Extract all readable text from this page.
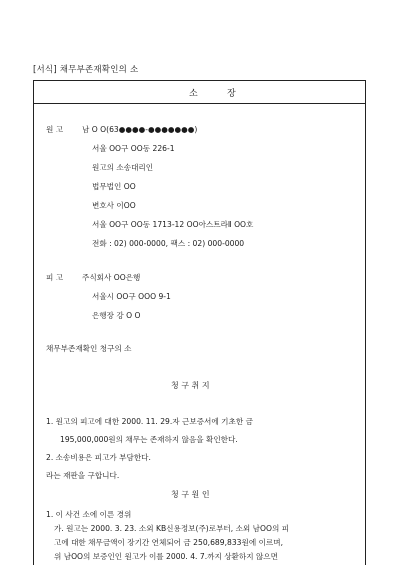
[서식] 채무부존재확인의 소
소	장
원 고 남 O O(63●●●●-●●●●●●●)
서울 OO구 OO동 226-1
원고의 소송대리인
법무법인 OO
변호사 이OO
서울 OO구 OO동 1713-12 OO아스트라Ⅱ OO호
전화 : 02) 000-0000, 팩스 : 02) 000-0000
피 고 주식회사 OO은행
서울시 OO구 OOO 9-1
은행장 강 O O
채무부존재확인 청구의 소
청 구 취 지
1. 원고의 피고에 대한 2000. 11. 29.자 근보증서에 기초한 금
195,000,000원의 채무는 존재하지 않음을 확인한다.
2. 소송비용은 피고가 부담한다.
라는 재판을 구합니다.
청 구 원 인
1. 이 사건 소에 이른 경위
가. 원고는 2000. 3. 23. 소외 KB신용정보(주)로부터, 소외 남OO의 피
고에 대한 채무금액이 장기간 연체되어 금 250,689,833원에 이르며,
위 남OO의 보증인인 원고가 이를 2000. 4. 7.까지 상환하지 않으면
